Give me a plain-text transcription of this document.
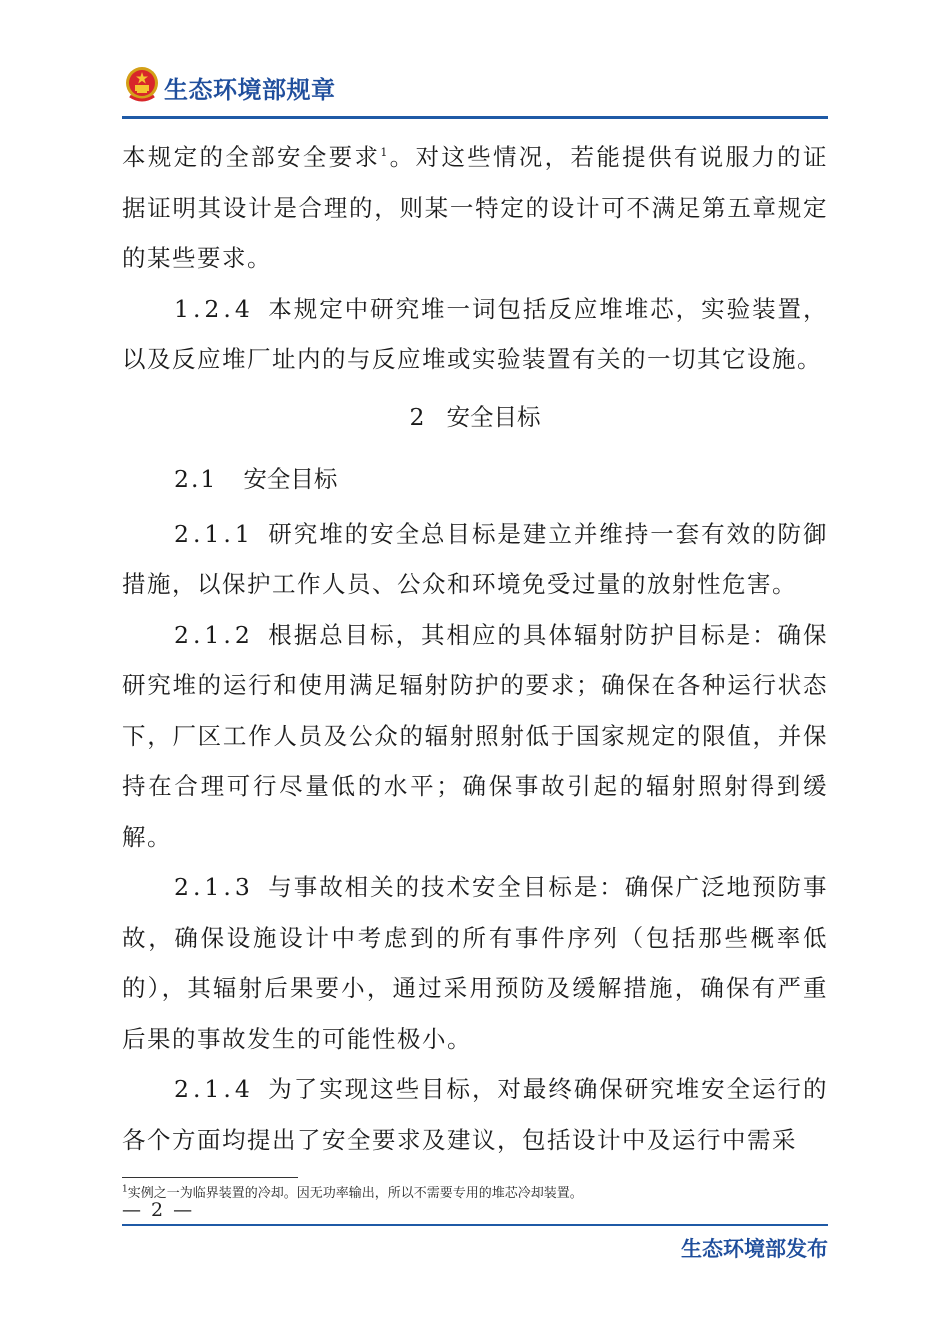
生态环境部规章

本规定的全部安全要求$^1$。对这些情况，若能提供有说服力的证据证明其设计是合理的，则某一特定的设计可不满足第五章规定的某些要求。

1.2.4 本规定中研究堆一词包括反应堆堆芯，实验装置，以及反应堆厂址内的与反应堆或实验装置有关的一切其它设施。

2 安全目标

2.1 安全目标

2.1.1 研究堆的安全总目标是建立并维持一套有效的防御措施，以保护工作人员、公众和环境免受过量的放射性危害。

2.1.2 根据总目标，其相应的具体辐射防护目标是：确保研究堆的运行和使用满足辐射防护的要求；确保在各种运行状态下，厂区工作人员及公众的辐射照射低于国家规定的限值，并保持在合理可行尽量低的水平；确保事故引起的辐射照射得到缓解。

2.1.3 与事故相关的技术安全目标是：确保广泛地预防事故，确保设施设计中考虑到的所有事件序列（包括那些概率低的），其辐射后果要小，通过采用预防及缓解措施，确保有严重后果的事故发生的可能性极小。

2.1.4 为了实现这些目标，对最终确保研究堆安全运行的各个方面均提出了安全要求及建议，包括设计中及运行中需采

$^1$实例之一为临界装置的冷却。因无功率输出，所以不需要专用的堆芯冷却装置。
— 2 —
生态环境部发布
